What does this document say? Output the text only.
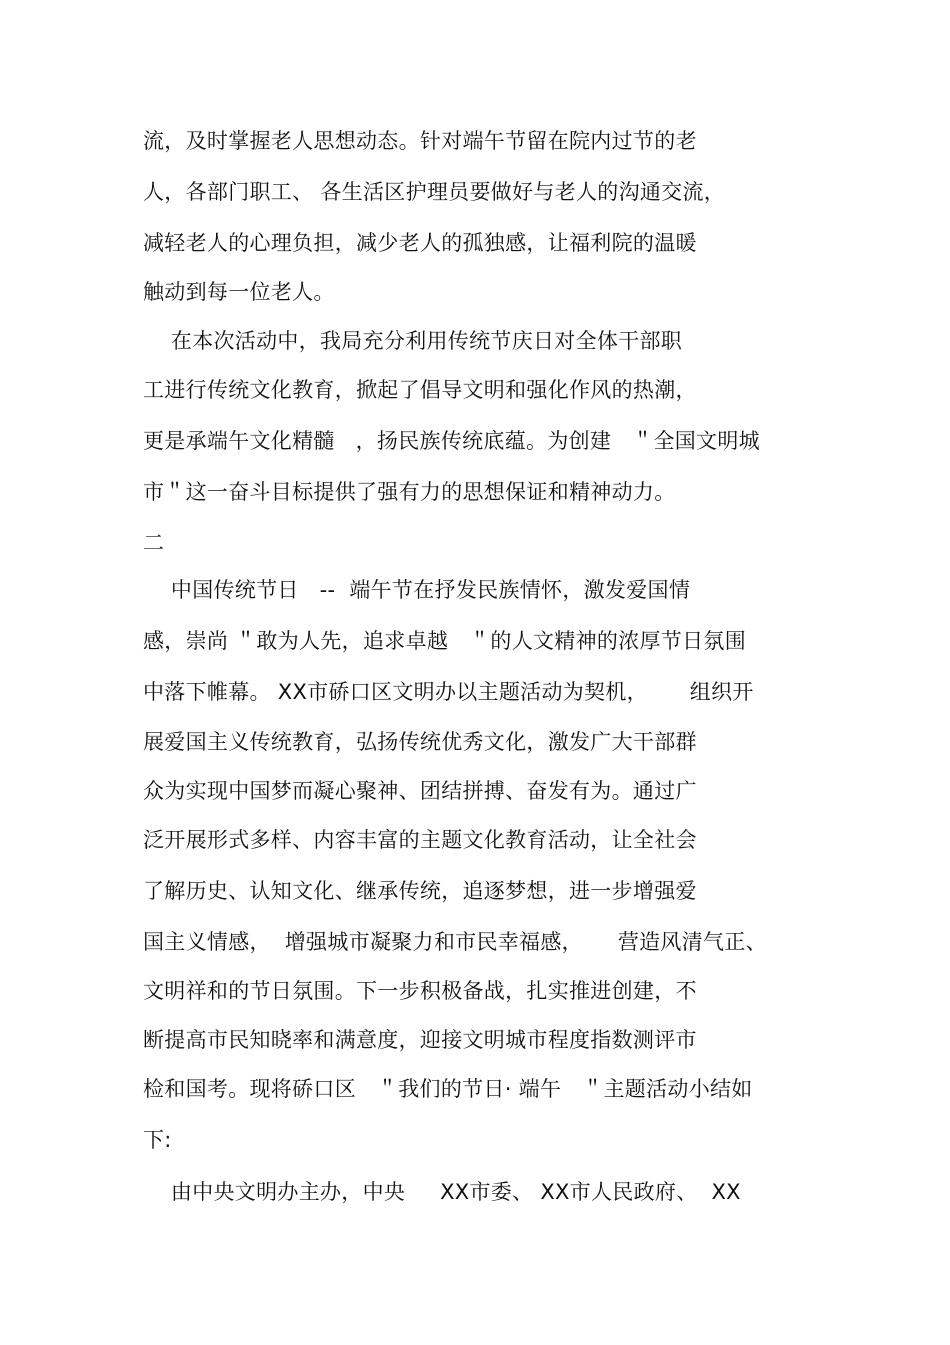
流，及时掌握老人思想动态。针对端午节留在院内过节的老

人，各部门职工、 各生活区护理员要做好与老人的沟通交流，

减轻老人的心理负担，减少老人的孤独感，让福利院的温暖

触动到每一位老人。

在本次活动中，我局充分利用传统节庆日对全体干部职

工进行传统文化教育，掀起了倡导文明和强化作风的热潮，

更是承端午文化精髓   ，扬民族传统底蕴。为创建   ＂全国文明城

市＂这一奋斗目标提供了强有力的思想保证和精神动力。

二

中国传统节日   --  端午节在抒发民族情怀，激发爱国情

感，崇尚 ＂敢为人先，追求卓越   ＂的人文精神的浓厚节日氛围

中落下帷幕。 XX市硚口区文明办以主题活动为契机，      组织开

展爱国主义传统教育，弘扬传统优秀文化，激发广大干部群

众为实现中国梦而凝心聚神、团结拼搏、奋发有为。通过广

泛开展形式多样、内容丰富的主题文化教育活动，让全社会

了解历史、认知文化、继承传统，追逐梦想，进一步增强爱

国主义情感，  增强城市凝聚力和市民幸福感，     营造风清气正、

文明祥和的节日氛围。下一步积极备战，扎实推进创建，不

断提高市民知晓率和满意度，迎接文明城市程度指数测评市

检和国考。现将硚口区   ＂我们的节日· 端午   ＂主题活动小结如

下:

由中央文明办主办，中央     XX市委、 XX市人民政府、  XX
